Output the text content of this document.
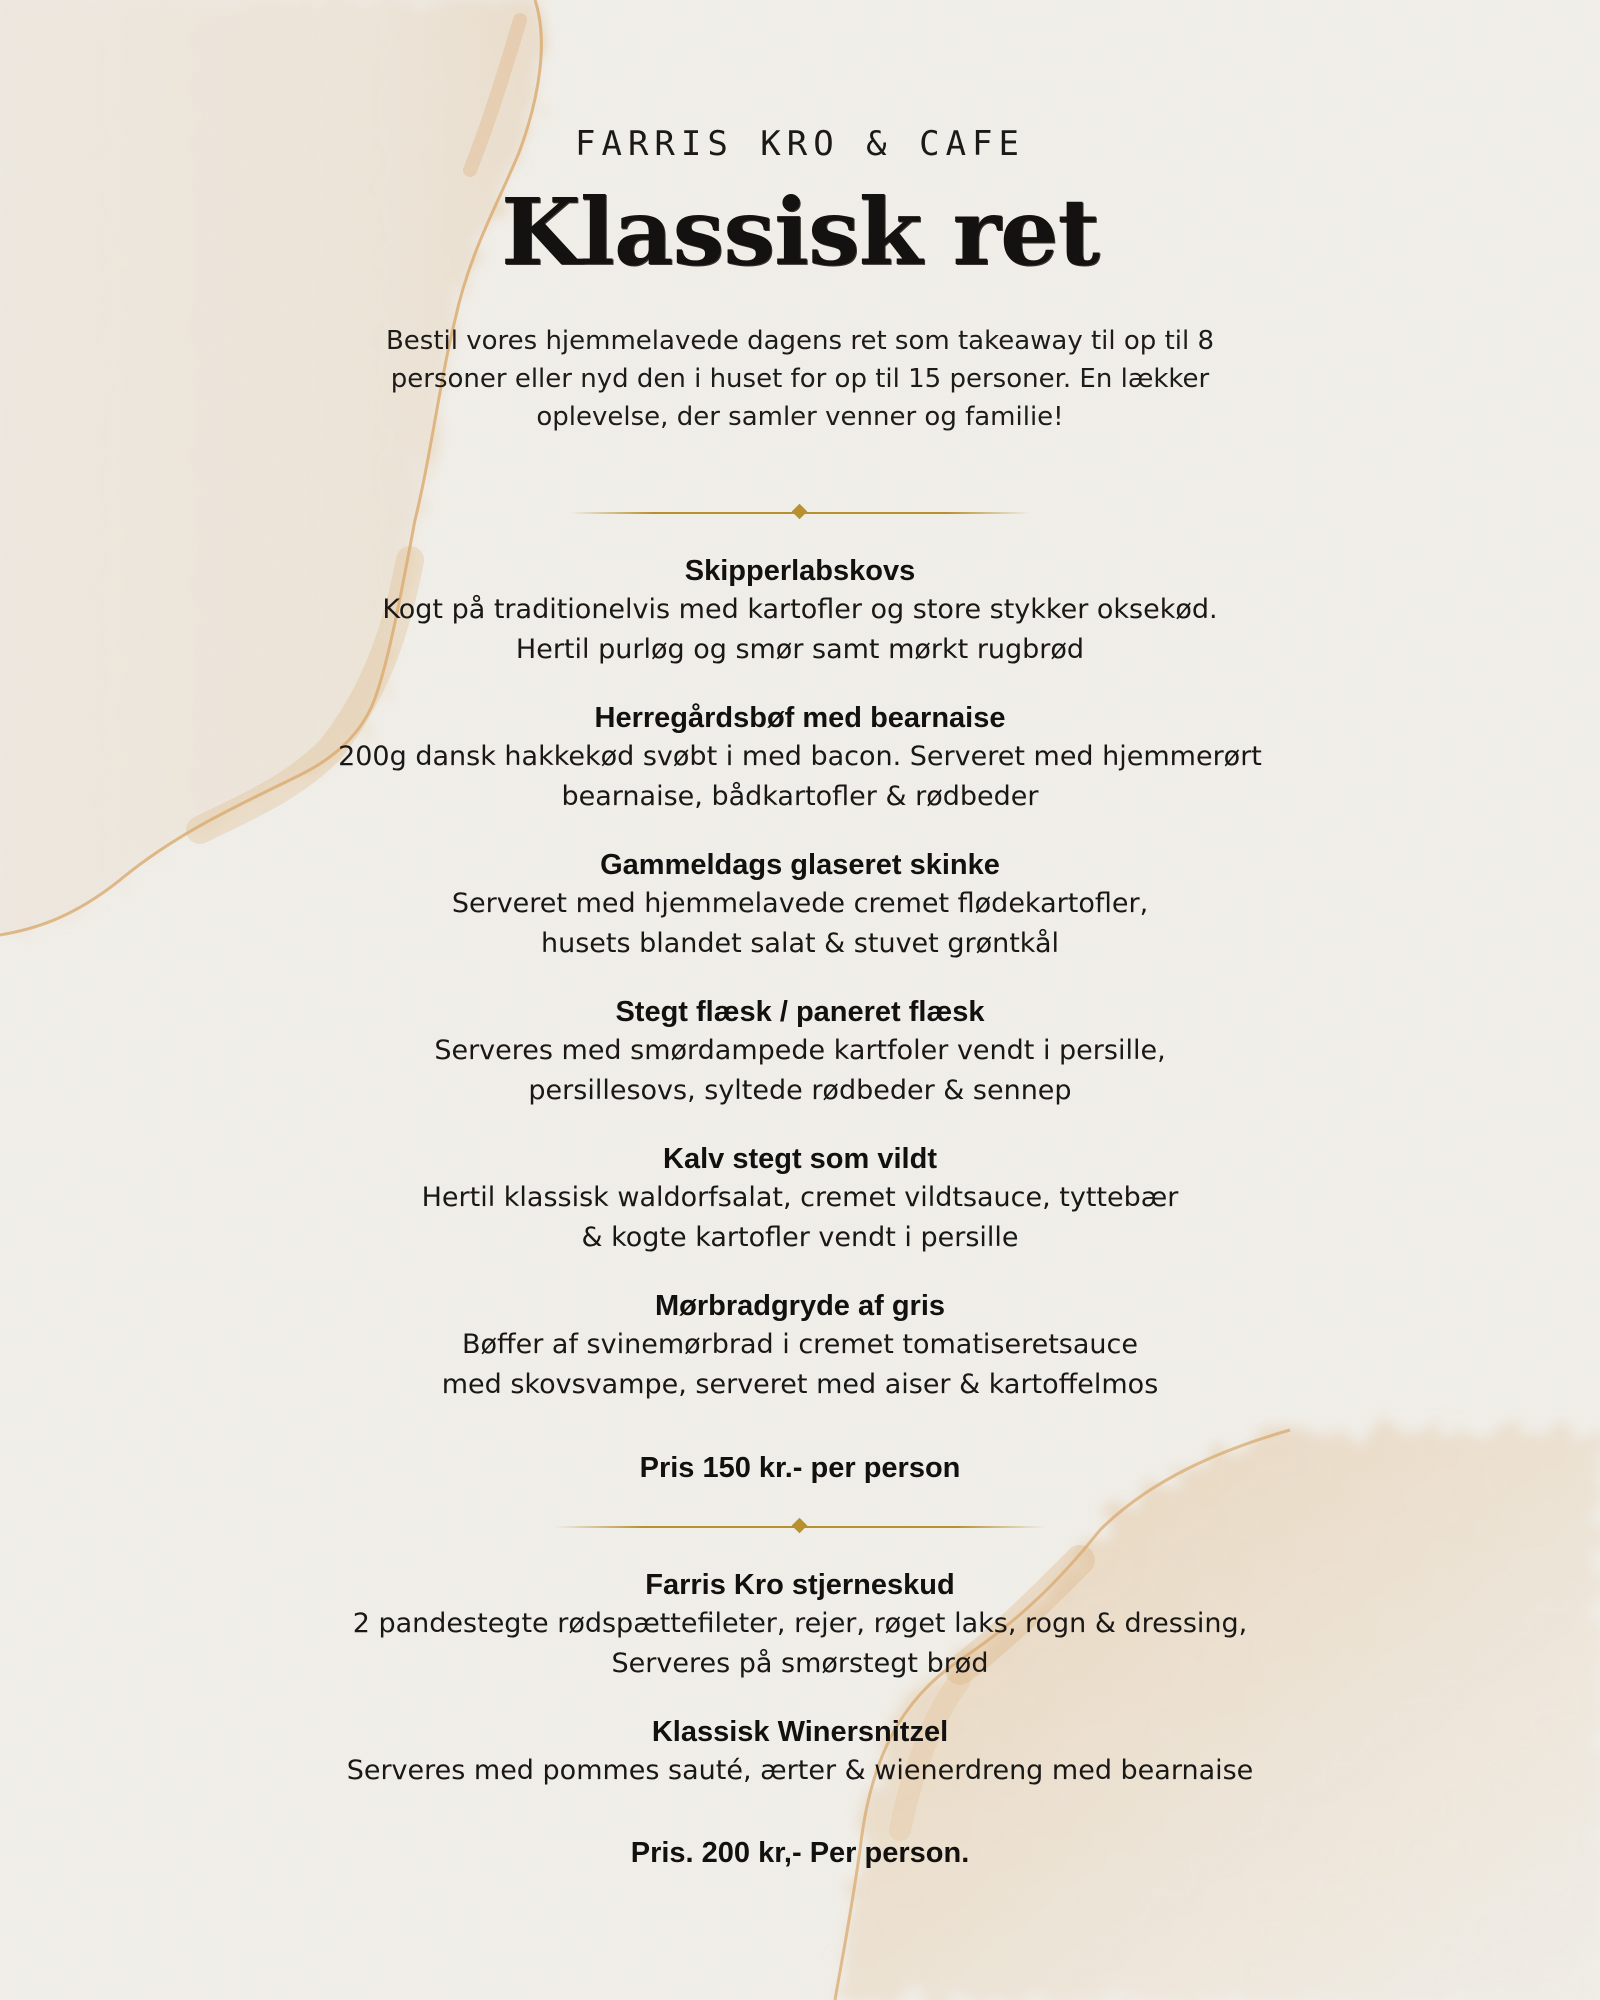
FARRIS KRO & CAFE
Klassisk ret
Bestil vores hjemmelavede dagens ret som takeaway til op til 8 personer eller nyd den i huset for op til 15 personer. En lækker oplevelse, der samler venner og familie!
Skipperlabskovs
Kogt på traditionelvis med kartofler og store stykker oksekød.
Hertil purløg og smør samt mørkt rugbrød
Herregårdsbøf med bearnaise
200g dansk hakkekød svøbt i med bacon. Serveret med hjemmerørt
bearnaise, bådkartofler & rødbeder
Gammeldags glaseret skinke
Serveret med hjemmelavede cremet flødekartofler,
husets blandet salat & stuvet grøntkål
Stegt flæsk / paneret flæsk
Serveres med smørdampede kartfoler vendt i persille,
persillesovs, syltede rødbeder & sennep
Kalv stegt som vildt
Hertil klassisk waldorfsalat, cremet vildtsauce, tyttebær
& kogte kartofler vendt i persille
Mørbradgryde af gris
Bøffer af svinemørbrad i cremet tomatiseretsauce
med skovsvampe, serveret med aiser & kartoffelmos
Pris 150 kr.- per person
Farris Kro stjerneskud
2 pandestegte rødspættefileter, rejer, røget laks, rogn & dressing,
Serveres på smørstegt brød
Klassisk Winersnitzel
Serveres med pommes sauté, ærter & wienerdreng med bearnaise
Pris. 200 kr,- Per person.
